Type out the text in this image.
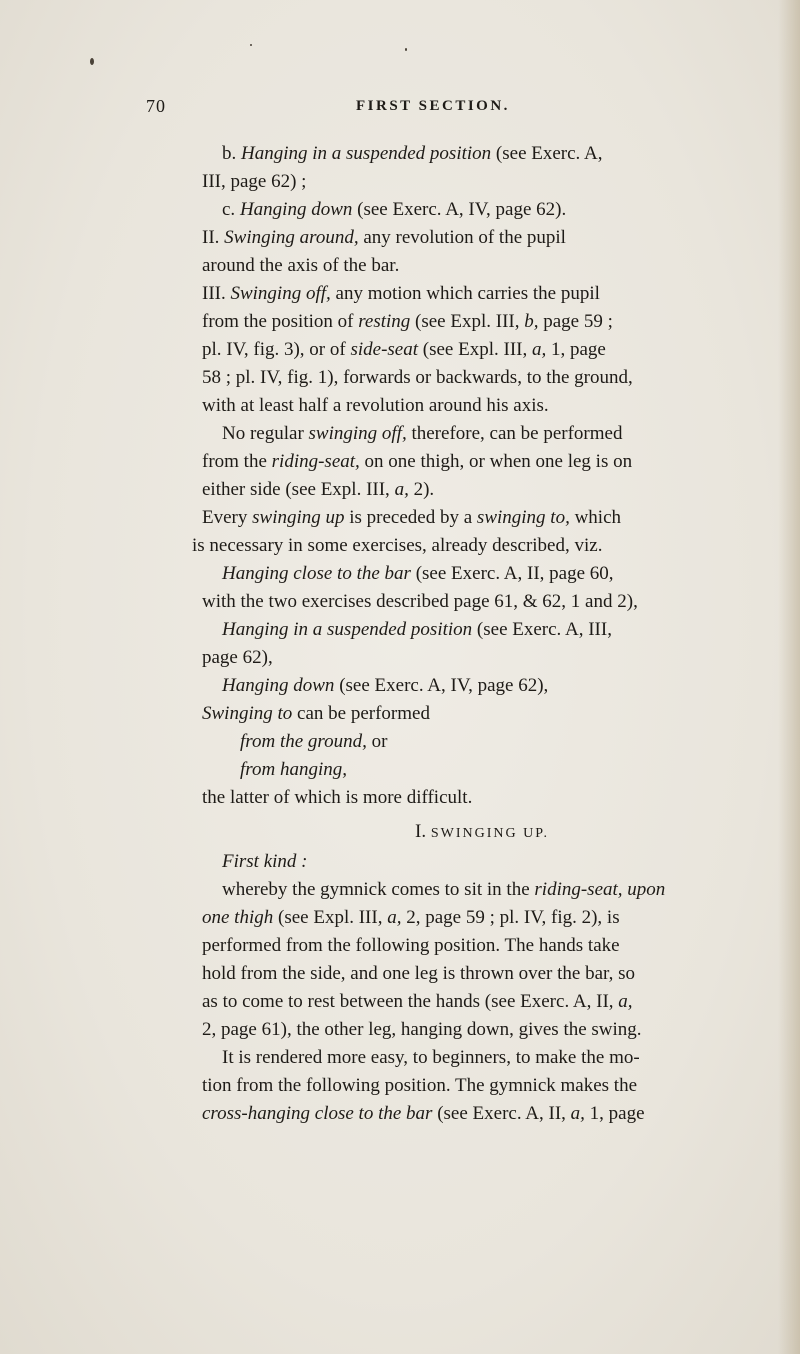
70	FIRST SECTION.

b. Hanging in a suspended position (see Exerc. A,

III, page 62) ;

c. Hanging down (see Exerc. A, IV, page 62).

II. Swinging around, any revolution of the pupil

around the axis of the bar.

III. Swinging off, any motion which carries the pupil

from the position of resting (see Expl. III, b, page 59 ;

pl. IV, fig. 3), or of side-seat (see Expl. III, a, 1, page

58 ; pl. IV, fig. 1), forwards or backwards, to the ground,

with at least half a revolution around his axis.

No regular swinging off, therefore, can be performed

from the riding-seat, on one thigh, or when one leg is on

either side (see Expl. III, a, 2).

Every swinging up is preceded by a swinging to, which

is necessary in some exercises, already described, viz.

Hanging close to the bar (see Exerc. A, II, page 60,

with the two exercises described page 61, & 62, 1 and 2),

Hanging in a suspended position (see Exerc. A, III,

page 62),

Hanging down (see Exerc. A, IV, page 62),

Swinging to can be performed

from the ground, or

from hanging,

the latter of which is more difficult.

I. SWINGING UP.

First kind :

whereby the gymnick comes to sit in the riding-seat, upon

one thigh (see Expl. III, a, 2, page 59 ; pl. IV, fig. 2), is

performed from the following position. The hands take

hold from the side, and one leg is thrown over the bar, so

as to come to rest between the hands (see Exerc. A, II, a,

2, page 61), the other leg, hanging down, gives the swing.

It is rendered more easy, to beginners, to make the mo-

tion from the following position. The gymnick makes the

cross-hanging close to the bar (see Exerc. A, II, a, 1, page
